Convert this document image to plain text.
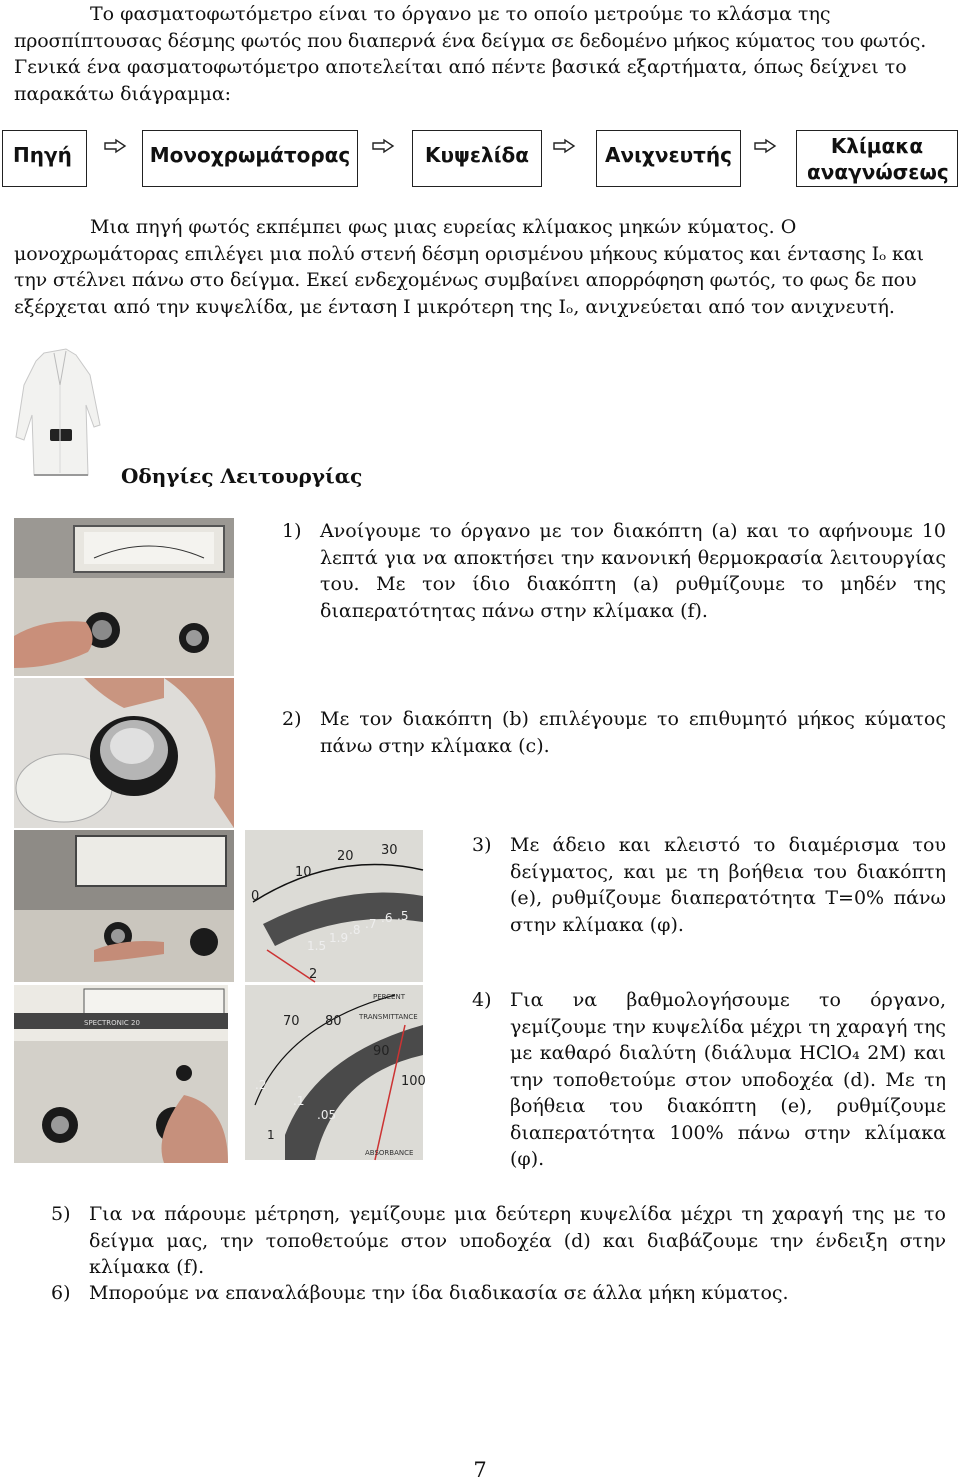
Το φασματοφωτόμετρο είναι το όργανο με το οποίο μετρούμε το κλάσμα της
προσπίπτουσας δέσμης φωτός που διαπερνά ένα δείγμα σε δεδομένο μήκος κύματος του φωτός.
Γενικά ένα φασματοφωτόμετρο αποτελείται από πέντε βασικά εξαρτήματα, όπως δείχνει το
παρακάτω διάγραμμα:
Πηγή	Μονοχρωμάτορας	Κυψελίδα	Ανιχνευτής	Κλίμακα αναγνώσεως
Μια πηγή φωτός εκπέμπει φως μιας ευρείας κλίμακος μηκών κύματος. Ο
μονοχρωμάτορας επιλέγει μια πολύ στενή δέσμη ορισμένου μήκους κύματος και έντασης Ιₒ και
την στέλνει πάνω στο δείγμα. Εκεί ενδεχομένως συμβαίνει απορρόφηση φωτός, το φως δε που
εξέρχεται από την κυψελίδα, με ένταση Ι μικρότερη της Ιₒ, ανιχνεύεται από τον ανιχνευτή.
Οδηγίες Λειτουργίας
1) Ανοίγουμε το όργανο με τον διακόπτη (a) και το αφήνουμε 10 λεπτά για να αποκτήσει την κανονική θερμοκρασία λειτουργίας του. Με τον ίδιο διακόπτη (a) ρυθμίζουμε το μηδέν της διαπερατότητας πάνω στην κλίμακα (f).
2) Με τον διακόπτη (b) επιλέγουμε το επιθυμητό μήκος κύματος πάνω στην κλίμακα (c).
0
10
20 30
1.5
1.9
.8 .7 .6 .5
2
3) Με άδειο και κλειστό το διαμέρισμα του δείγματος, και με τη βοήθεια του διακόπτη (e), ρυθμίζουμε διαπερατότητα Τ=0% πάνω στην κλίμακα (φ).
SPECTRONIC 20
PERCENT
TRANSMITTANCE
70 80
90
100
.2
.1
.05
ABSORBANCE
1
4) Για να βαθμολογήσουμε το όργανο, γεμίζουμε την κυψελίδα μέχρι τη χαραγή της με καθαρό διαλύτη (διάλυμα HClO₄ 2M) και την τοποθετούμε στον υποδοχέα (d). Με τη βοήθεια του διακόπτη (e), ρυθμίζουμε διαπερατότητα 100% πάνω στην κλίμακα (φ).
5) Για να πάρουμε μέτρηση, γεμίζουμε μια δεύτερη κυψελίδα μέχρι τη χαραγή της με το δείγμα μας, την τοποθετούμε στον υποδοχέα (d) και διαβάζουμε την ένδειξη στην κλίμακα (f).
6) Μπορούμε να επαναλάβουμε την ίδα διαδικασία σε άλλα μήκη κύματος.
7
